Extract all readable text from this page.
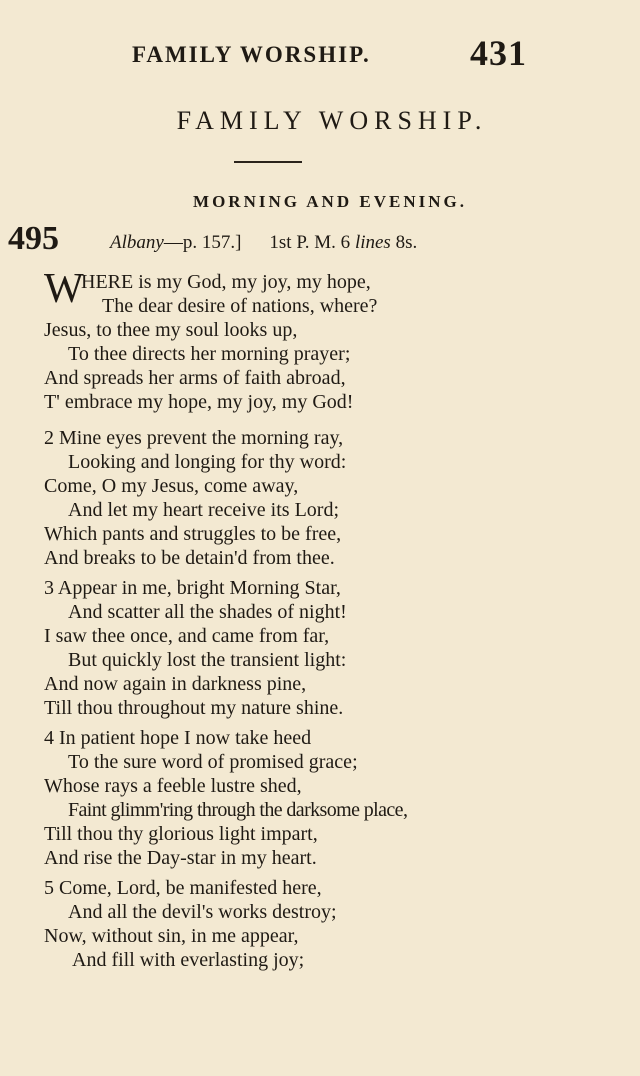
FAMILY WORSHIP.	431
FAMILY WORSHIP.
MORNING AND EVENING.
495	Albany—p. 157.] 1st P. M. 6 lines 8s.
W
HERE is my God, my joy, my hope,
The dear desire of nations, where?
Jesus, to thee my soul looks up,
To thee directs her morning prayer;
And spreads her arms of faith abroad,
T' embrace my hope, my joy, my God!
2 Mine eyes prevent the morning ray,
Looking and longing for thy word:
Come, O my Jesus, come away,
And let my heart receive its Lord;
Which pants and struggles to be free,
And breaks to be detain'd from thee.
3 Appear in me, bright Morning Star,
And scatter all the shades of night!
I saw thee once, and came from far,
But quickly lost the transient light:
And now again in darkness pine,
Till thou throughout my nature shine.
4 In patient hope I now take heed
To the sure word of promised grace;
Whose rays a feeble lustre shed,
Faint glimm'ring through the darksome place,
Till thou thy glorious light impart,
And rise the Day-star in my heart.
5 Come, Lord, be manifested here,
And all the devil's works destroy;
Now, without sin, in me appear,
And fill with everlasting joy;
